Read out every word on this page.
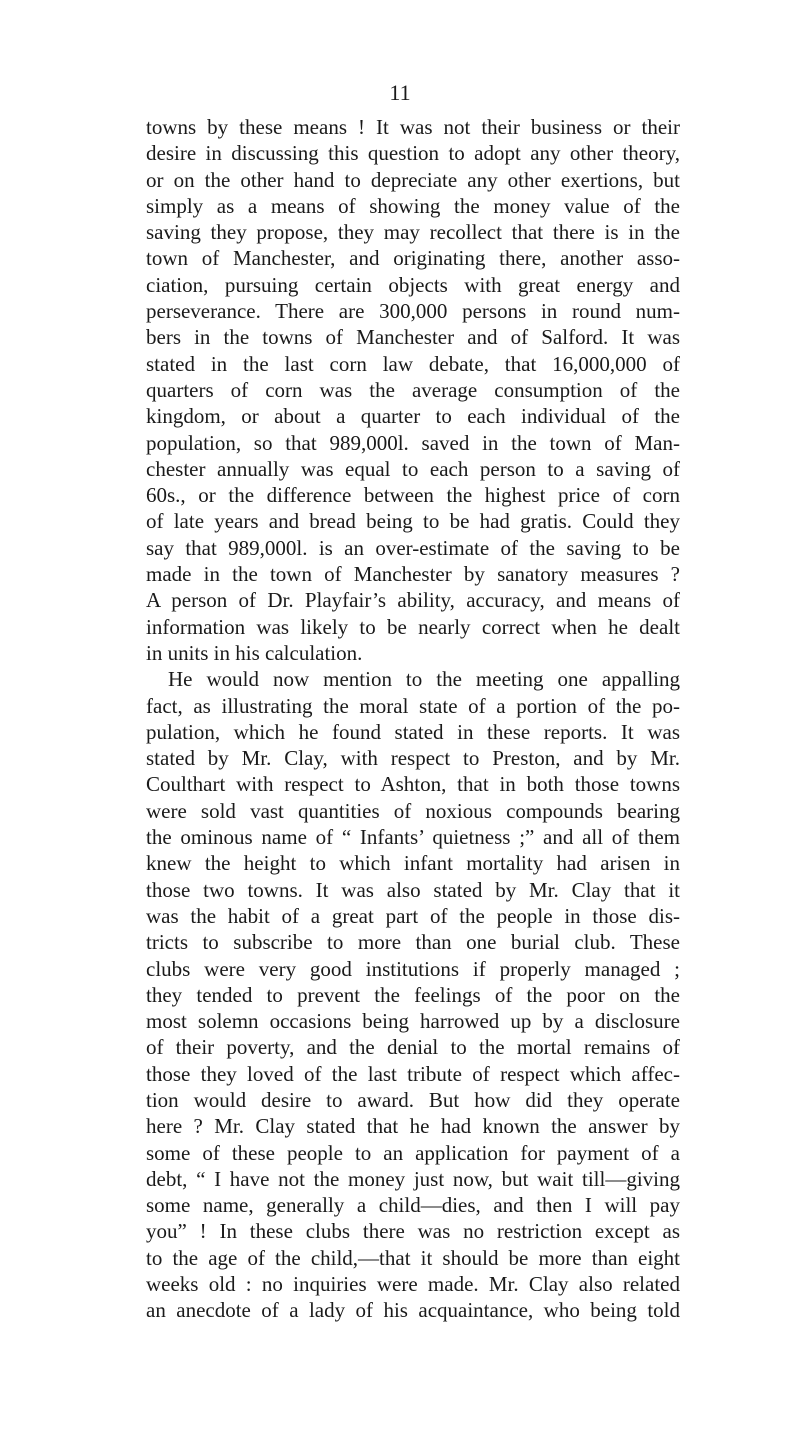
11
towns by these means ! It was not their business or their
desire in discussing this question to adopt any other theory,
or on the other hand to depreciate any other exertions, but
simply as a means of showing the money value of the
saving they propose, they may recollect that there is in the
town of Manchester, and originating there, another asso-
ciation, pursuing certain objects with great energy and
perseverance. There are 300,000 persons in round num-
bers in the towns of Manchester and of Salford. It was
stated in the last corn law debate, that 16,000,000 of
quarters of corn was the average consumption of the
kingdom, or about a quarter to each individual of the
population, so that 989,000l. saved in the town of Man-
chester annually was equal to each person to a saving of
60s., or the difference between the highest price of corn
of late years and bread being to be had gratis. Could they
say that 989,000l. is an over-estimate of the saving to be
made in the town of Manchester by sanatory measures ?
A person of Dr. Playfair’s ability, accuracy, and means of
information was likely to be nearly correct when he dealt
in units in his calculation.
He would now mention to the meeting one appalling
fact, as illustrating the moral state of a portion of the po-
pulation, which he found stated in these reports. It was
stated by Mr. Clay, with respect to Preston, and by Mr.
Coulthart with respect to Ashton, that in both those towns
were sold vast quantities of noxious compounds bearing
the ominous name of “ Infants’ quietness ;” and all of them
knew the height to which infant mortality had arisen in
those two towns. It was also stated by Mr. Clay that it
was the habit of a great part of the people in those dis-
tricts to subscribe to more than one burial club. These
clubs were very good institutions if properly managed ;
they tended to prevent the feelings of the poor on the
most solemn occasions being harrowed up by a disclosure
of their poverty, and the denial to the mortal remains of
those they loved of the last tribute of respect which affec-
tion would desire to award. But how did they operate
here ? Mr. Clay stated that he had known the answer by
some of these people to an application for payment of a
debt, “ I have not the money just now, but wait till—giving
some name, generally a child—dies, and then I will pay
you” ! In these clubs there was no restriction except as
to the age of the child,—that it should be more than eight
weeks old : no inquiries were made. Mr. Clay also related
an anecdote of a lady of his acquaintance, who being told
